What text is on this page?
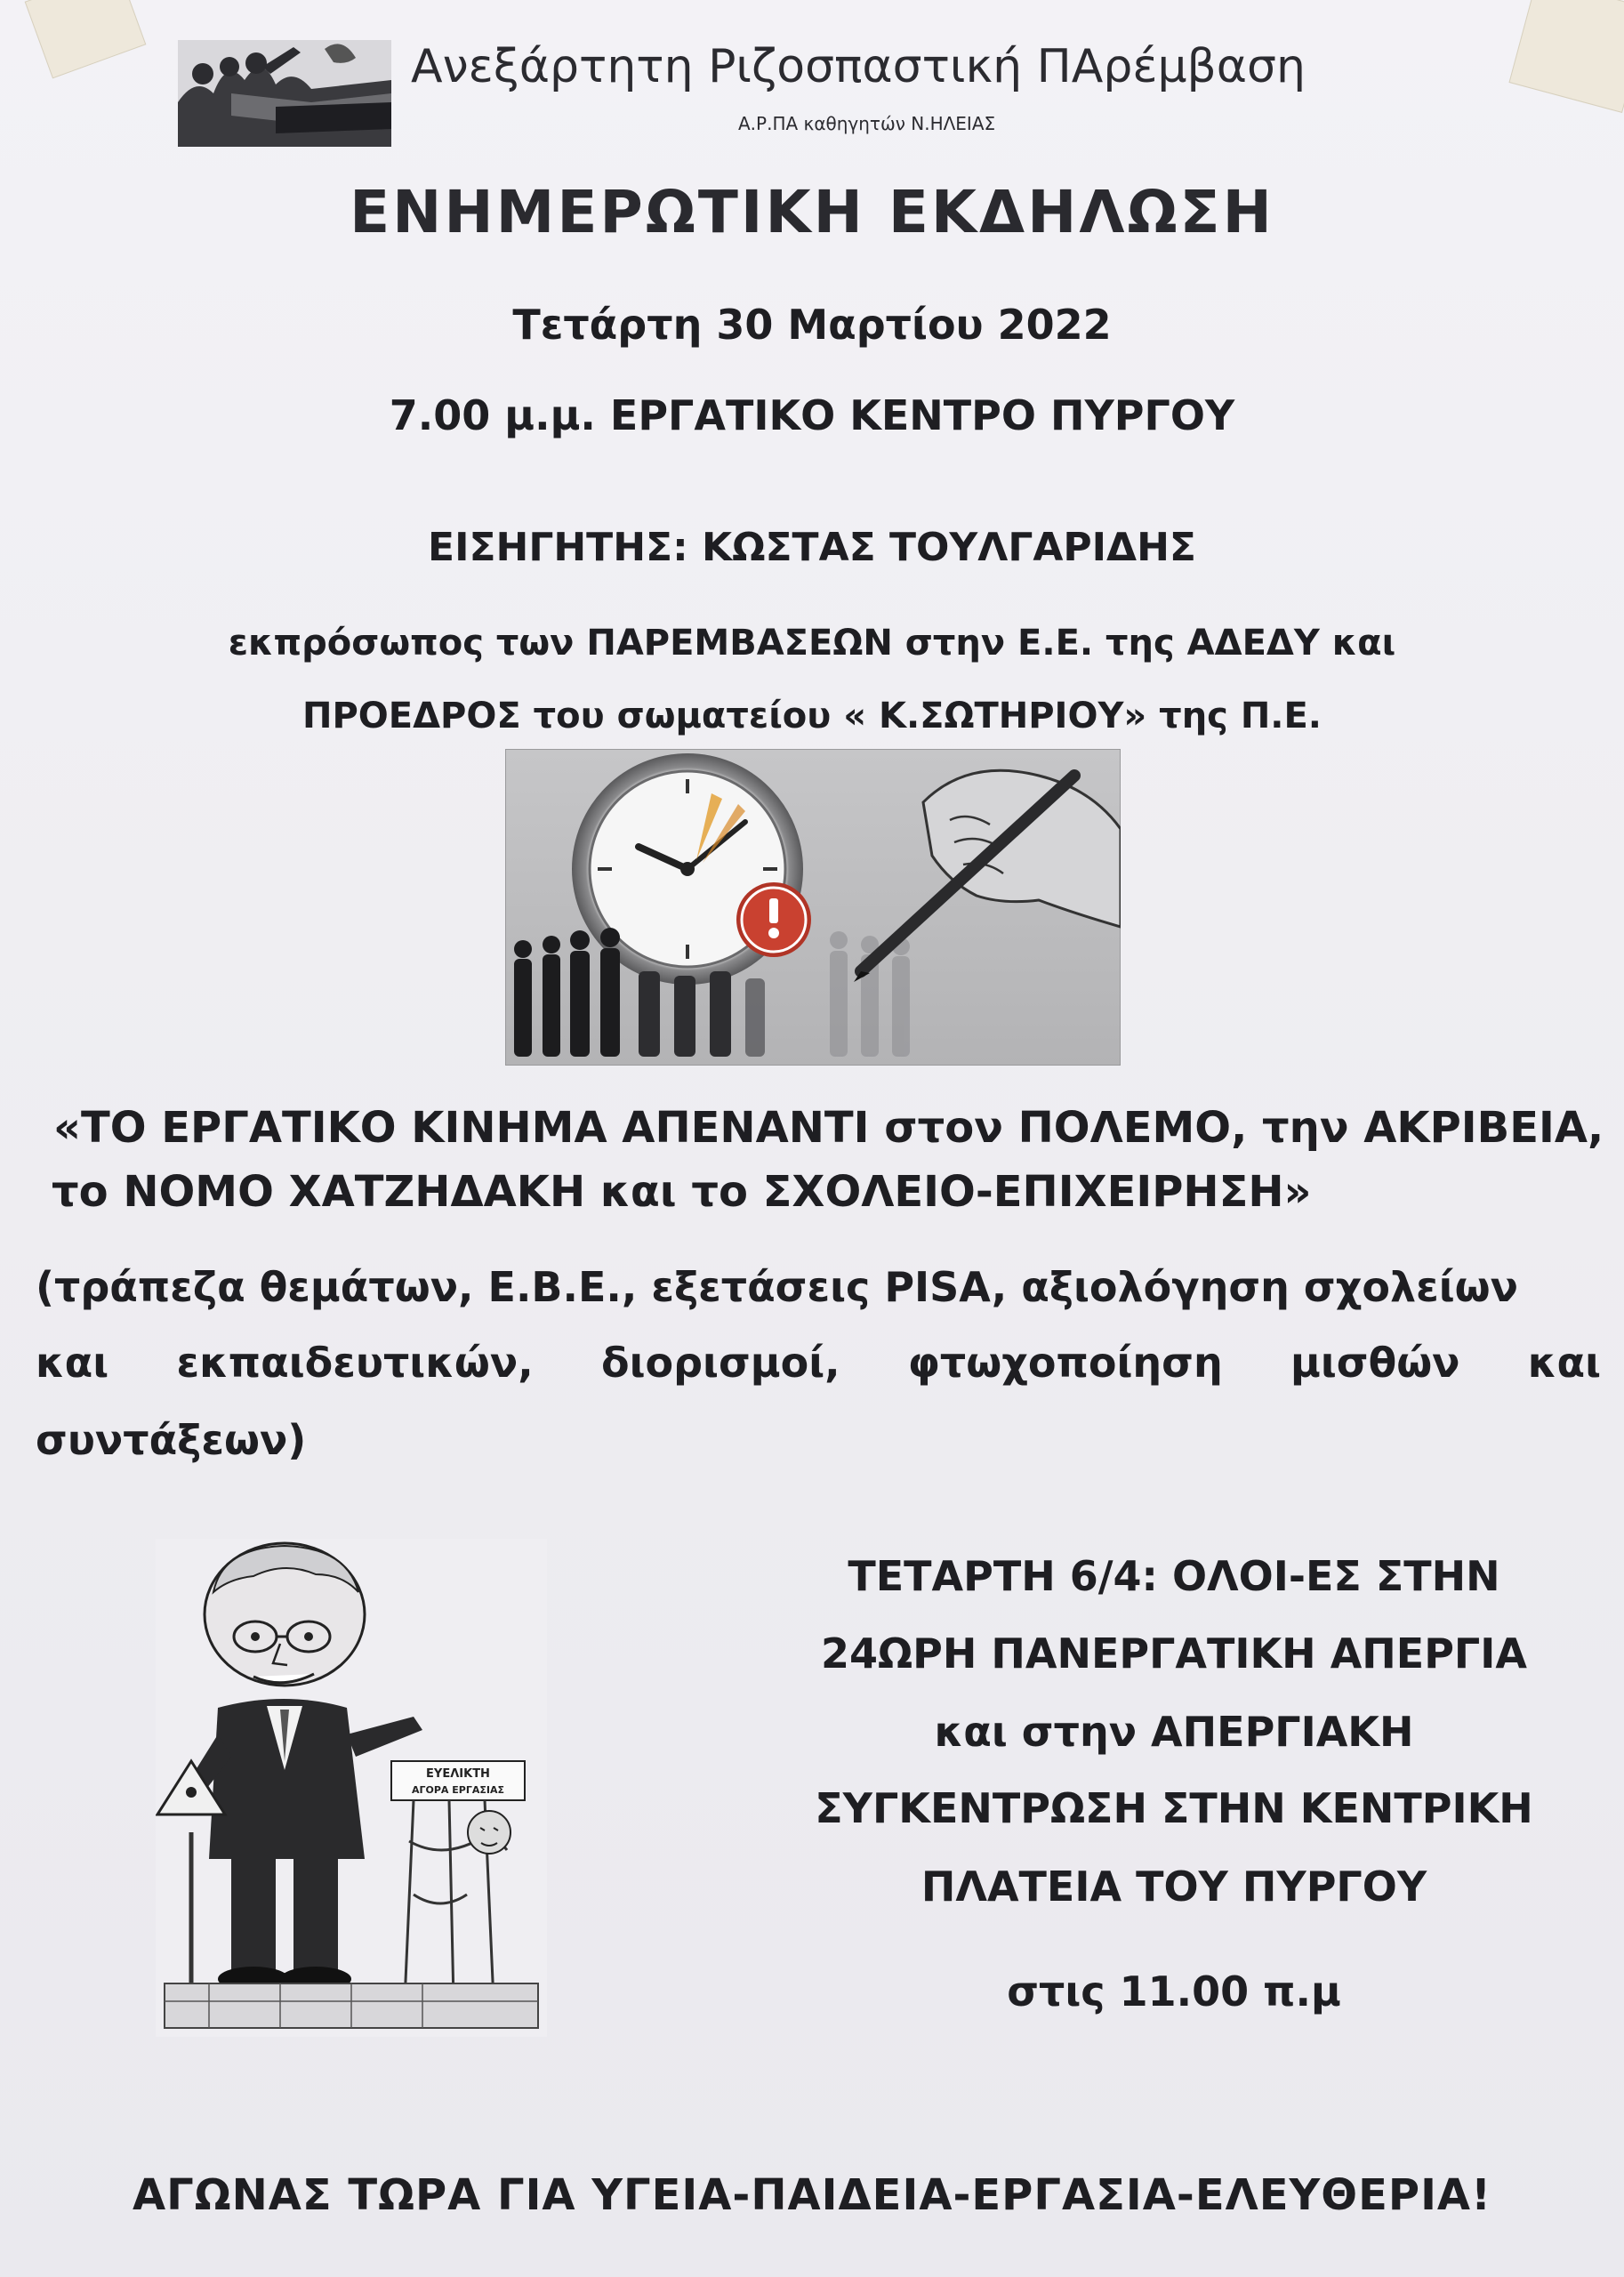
Ανεξάρτητη Ριζοσπαστική ΠΑρέμβαση
Α.Ρ.ΠΑ καθηγητών Ν.ΗΛΕΙΑΣ
ΕΝΗΜΕΡΩΤΙΚΗ ΕΚΔΗΛΩΣΗ
Τετάρτη 30 Μαρτίου 2022
7.00 μ.μ. ΕΡΓΑΤΙΚΟ ΚΕΝΤΡΟ ΠΥΡΓΟΥ
ΕΙΣΗΓΗΤΗΣ: ΚΩΣΤΑΣ ΤΟΥΛΓΑΡΙΔΗΣ
εκπρόσωπος των ΠΑΡΕΜΒΑΣΕΩΝ στην Ε.Ε. της ΑΔΕΔΥ και
ΠΡΟΕΔΡΟΣ του σωματείου « Κ.ΣΩΤΗΡΙΟΥ» της Π.Ε.
«ΤΟ ΕΡΓΑΤΙΚΟ ΚΙΝΗΜΑ ΑΠΕΝΑΝΤΙ στον ΠΟΛΕΜΟ, την ΑΚΡΙΒΕΙΑ,
το ΝΟΜΟ ΧΑΤΖΗΔΑΚΗ και το ΣΧΟΛΕΙΟ-ΕΠΙΧΕΙΡΗΣΗ»
(τράπεζα θεμάτων, Ε.Β.Ε., εξετάσεις PISA, αξιολόγηση σχολείων
και εκπαιδευτικών, διορισμοί, φτωχοποίηση μισθών και
συντάξεων)
ΕΥΕΛΙΚΤΗ
ΑΓΟΡΑ ΕΡΓΑΣΙΑΣ
ΤΕΤΑΡΤΗ 6/4: ΟΛΟΙ-ΕΣ ΣΤΗΝ
24ΩΡΗ ΠΑΝΕΡΓΑΤΙΚΗ ΑΠΕΡΓΙΑ
και στην ΑΠΕΡΓΙΑΚΗ
ΣΥΓΚΕΝΤΡΩΣΗ ΣΤΗΝ ΚΕΝΤΡΙΚΗ
ΠΛΑΤΕΙΑ ΤΟΥ ΠΥΡΓΟΥ
στις 11.00 π.μ
ΑΓΩΝΑΣ ΤΩΡΑ ΓΙΑ ΥΓΕΙΑ-ΠΑΙΔΕΙΑ-ΕΡΓΑΣΙΑ-ΕΛΕΥΘΕΡΙΑ!
